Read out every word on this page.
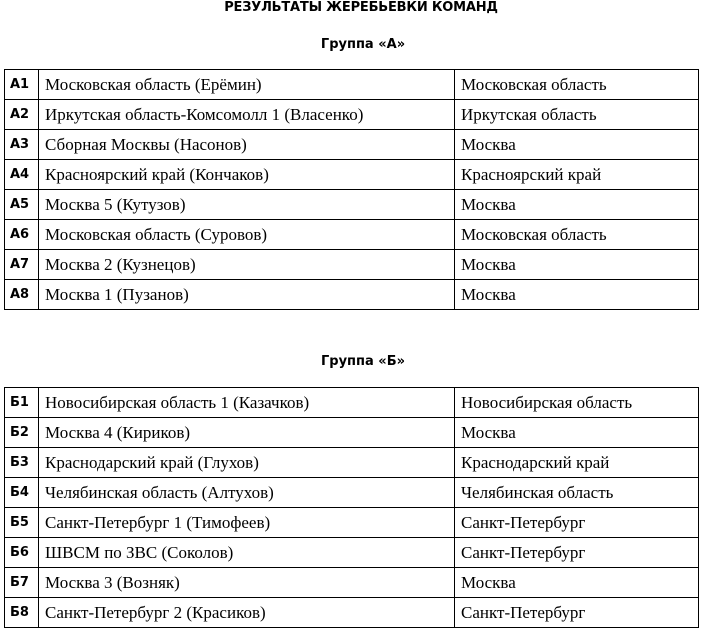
РЕЗУЛЬТАТЫ ЖЕРЕБЬЕВКИ КОМАНД
Группа «А»
А1	Московская область (Ерёмин)	Московская область
А2	Иркутская область-Комсомолл 1 (Власенко)	Иркутская область
А3	Сборная Москвы (Насонов)	Москва
А4	Красноярский край (Кончаков)	Красноярский край
А5	Москва 5 (Кутузов)	Москва
А6	Московская область (Суровов)	Московская область
А7	Москва 2 (Кузнецов)	Москва
А8	Москва 1 (Пузанов)	Москва
Группа «Б»
Б1	Новосибирская область 1 (Казачков)	Новосибирская область
Б2	Москва 4 (Кириков)	Москва
Б3	Краснодарский край (Глухов)	Краснодарский край
Б4	Челябинская область (Алтухов)	Челябинская область
Б5	Санкт-Петербург 1 (Тимофеев)	Санкт-Петербург
Б6	ШВСМ по ЗВС (Соколов)	Санкт-Петербург
Б7	Москва 3 (Возняк)	Москва
Б8	Санкт-Петербург 2 (Красиков)	Санкт-Петербург
